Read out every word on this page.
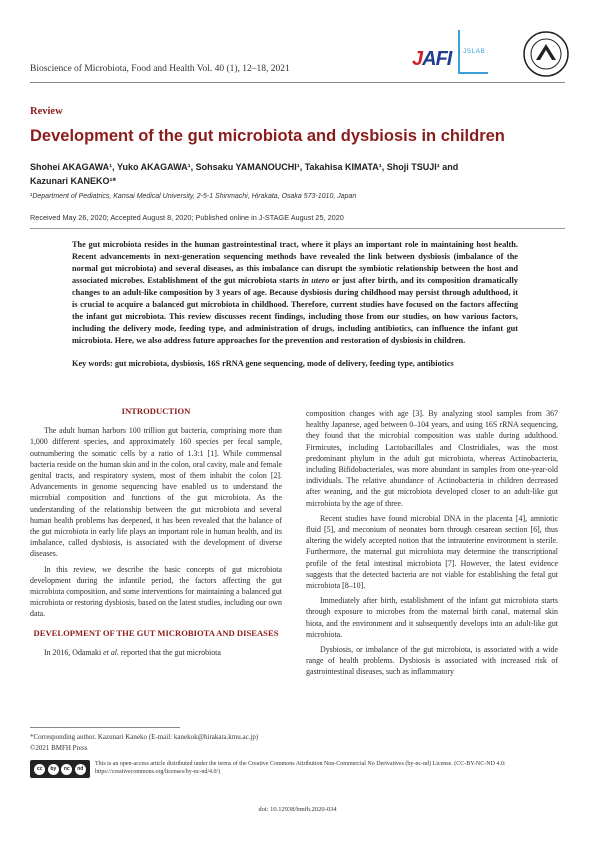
Bioscience of Microbiota, Food and Health Vol. 40 (1), 12–18, 2021	JAFI JSLAB
Review
Development of the gut microbiota and dysbiosis in children
Shohei AKAGAWA¹, Yuko AKAGAWA¹, Sohsaku YAMANOUCHI¹, Takahisa KIMATA¹, Shoji TSUJI¹ and
Kazunari KANEKO¹*
¹Department of Pediatrics, Kansai Medical University, 2-5-1 Shinmachi, Hirakata, Osaka 573-1010, Japan
Received May 26, 2020; Accepted August 8, 2020; Published online in J-STAGE August 25, 2020
The gut microbiota resides in the human gastrointestinal tract, where it plays an important role in maintaining host health. Recent advancements in next-generation sequencing methods have revealed the link between dysbiosis (imbalance of the normal gut microbiota) and several diseases, as this imbalance can disrupt the symbiotic relationship between the host and associated microbes. Establishment of the gut microbiota starts in utero or just after birth, and its composition dramatically changes to an adult-like composition by 3 years of age. Because dysbiosis during childhood may persist through adulthood, it is crucial to acquire a balanced gut microbiota in childhood. Therefore, current studies have focused on the factors affecting the infant gut microbiota. This review discusses recent findings, including those from our studies, on how various factors, including the delivery mode, feeding type, and administration of drugs, including antibiotics, can influence the infant gut microbiota. Here, we also address future approaches for the prevention and restoration of dysbiosis in children.
Key words: gut microbiota, dysbiosis, 16S rRNA gene sequencing, mode of delivery, feeding type, antibiotics
INTRODUCTION

The adult human harbors 100 trillion gut bacteria, comprising more than 1,000 different species, and approximately 160 species per fecal sample, outnumbering the somatic cells by a ratio of 1.3:1 [1]. While commensal bacteria reside on the human skin and in the colon, oral cavity, male and female genital tracts, and respiratory system, most of them inhabit the colon [2]. Advancements in genome sequencing have enabled us to understand the microbial composition and functions of the gut microbiota. As the understanding of the relationship between the gut microbiota and several human health problems has deepened, it has been revealed that the balance of the gut microbiota in early life plays an important role in human health, and its imbalance, called dysbiosis, is associated with the development of diverse diseases.

In this review, we describe the basic concepts of gut microbiota development during the infantile period, the factors affecting the gut microbiota composition, and some interventions for maintaining a balanced gut microbiota or restoring dysbiosis, based on the latest studies, including our own data.

DEVELOPMENT OF THE GUT MICROBIOTA AND DISEASES

In 2016, Odamaki et al. reported that the gut microbiota

composition changes with age [3]. By analyzing stool samples from 367 healthy Japanese, aged between 0–104 years, and using 16S rRNA sequencing, they found that the microbial composition was stable during adulthood. Firmicutes, including Lactobacillales and Clostridiales, was the most predominant phylum in the adult gut microbiota, whereas Actinobacteria, including Bifidobacteriales, was more abundant in samples from one-year-old individuals. The relative abundance of Actinobacteria in children decreased after weaning, and the gut microbiota developed closer to an adult-like gut microbiota by the age of three.

Recent studies have found microbial DNA in the placenta [4], amniotic fluid [5], and meconium of neonates born through cesarean section [6], thus altering the widely accepted notion that the intrauterine environment is sterile. Furthermore, the maternal gut microbiota may determine the transcriptional profile of the fetal intestinal microbiota [7]. However, the latest evidence suggests that the detected bacteria are not viable for establishing the fetal gut microbiota [8–10].

Immediately after birth, establishment of the infant gut microbiota starts through exposure to microbes from the maternal birth canal, maternal skin biota, and the environment and it subsequently develops into an adult-like gut microbiota.

Dysbiosis, or imbalance of the gut microbiota, is associated with a wide range of health problems. Dysbiosis is associated with increased risk of gastrointestinal diseases, such as inflammatory

*Corresponding author. Kazunari Kaneko (E-mail: kanekok@hirakata.kmu.ac.jp)
©2021 BMFH Press
cc	by	nc	nd
This is an open-access article distributed under the terms of the Creative Commons Attribution Non-Commercial No Derivatives (by-nc-nd) License. (CC-BY-NC-ND 4.0: https://creativecommons.org/licenses/by-nc-nd/4.0/)
doi: 10.12938/bmfh.2020-034
